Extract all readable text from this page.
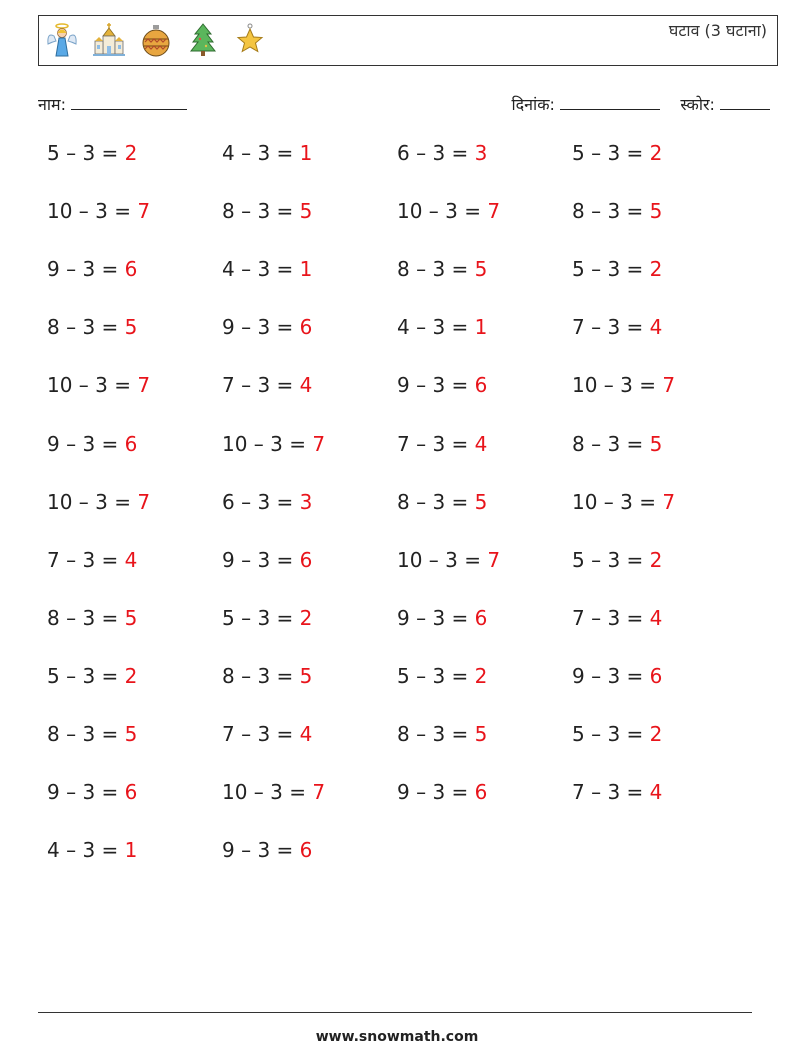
घटाव (3 घटाना)
नाम:	दिनांक:	स्कोर:
5 – 3 = 2	4 – 3 = 1	6 – 3 = 3	5 – 3 = 2
10 – 3 = 7	8 – 3 = 5	10 – 3 = 7	8 – 3 = 5
9 – 3 = 6	4 – 3 = 1	8 – 3 = 5	5 – 3 = 2
8 – 3 = 5	9 – 3 = 6	4 – 3 = 1	7 – 3 = 4
10 – 3 = 7	7 – 3 = 4	9 – 3 = 6	10 – 3 = 7
9 – 3 = 6	10 – 3 = 7	7 – 3 = 4	8 – 3 = 5
10 – 3 = 7	6 – 3 = 3	8 – 3 = 5	10 – 3 = 7
7 – 3 = 4	9 – 3 = 6	10 – 3 = 7	5 – 3 = 2
8 – 3 = 5	5 – 3 = 2	9 – 3 = 6	7 – 3 = 4
5 – 3 = 2	8 – 3 = 5	5 – 3 = 2	9 – 3 = 6
8 – 3 = 5	7 – 3 = 4	8 – 3 = 5	5 – 3 = 2
9 – 3 = 6	10 – 3 = 7	9 – 3 = 6	7 – 3 = 4
4 – 3 = 1	9 – 3 = 6
www.snowmath.com
